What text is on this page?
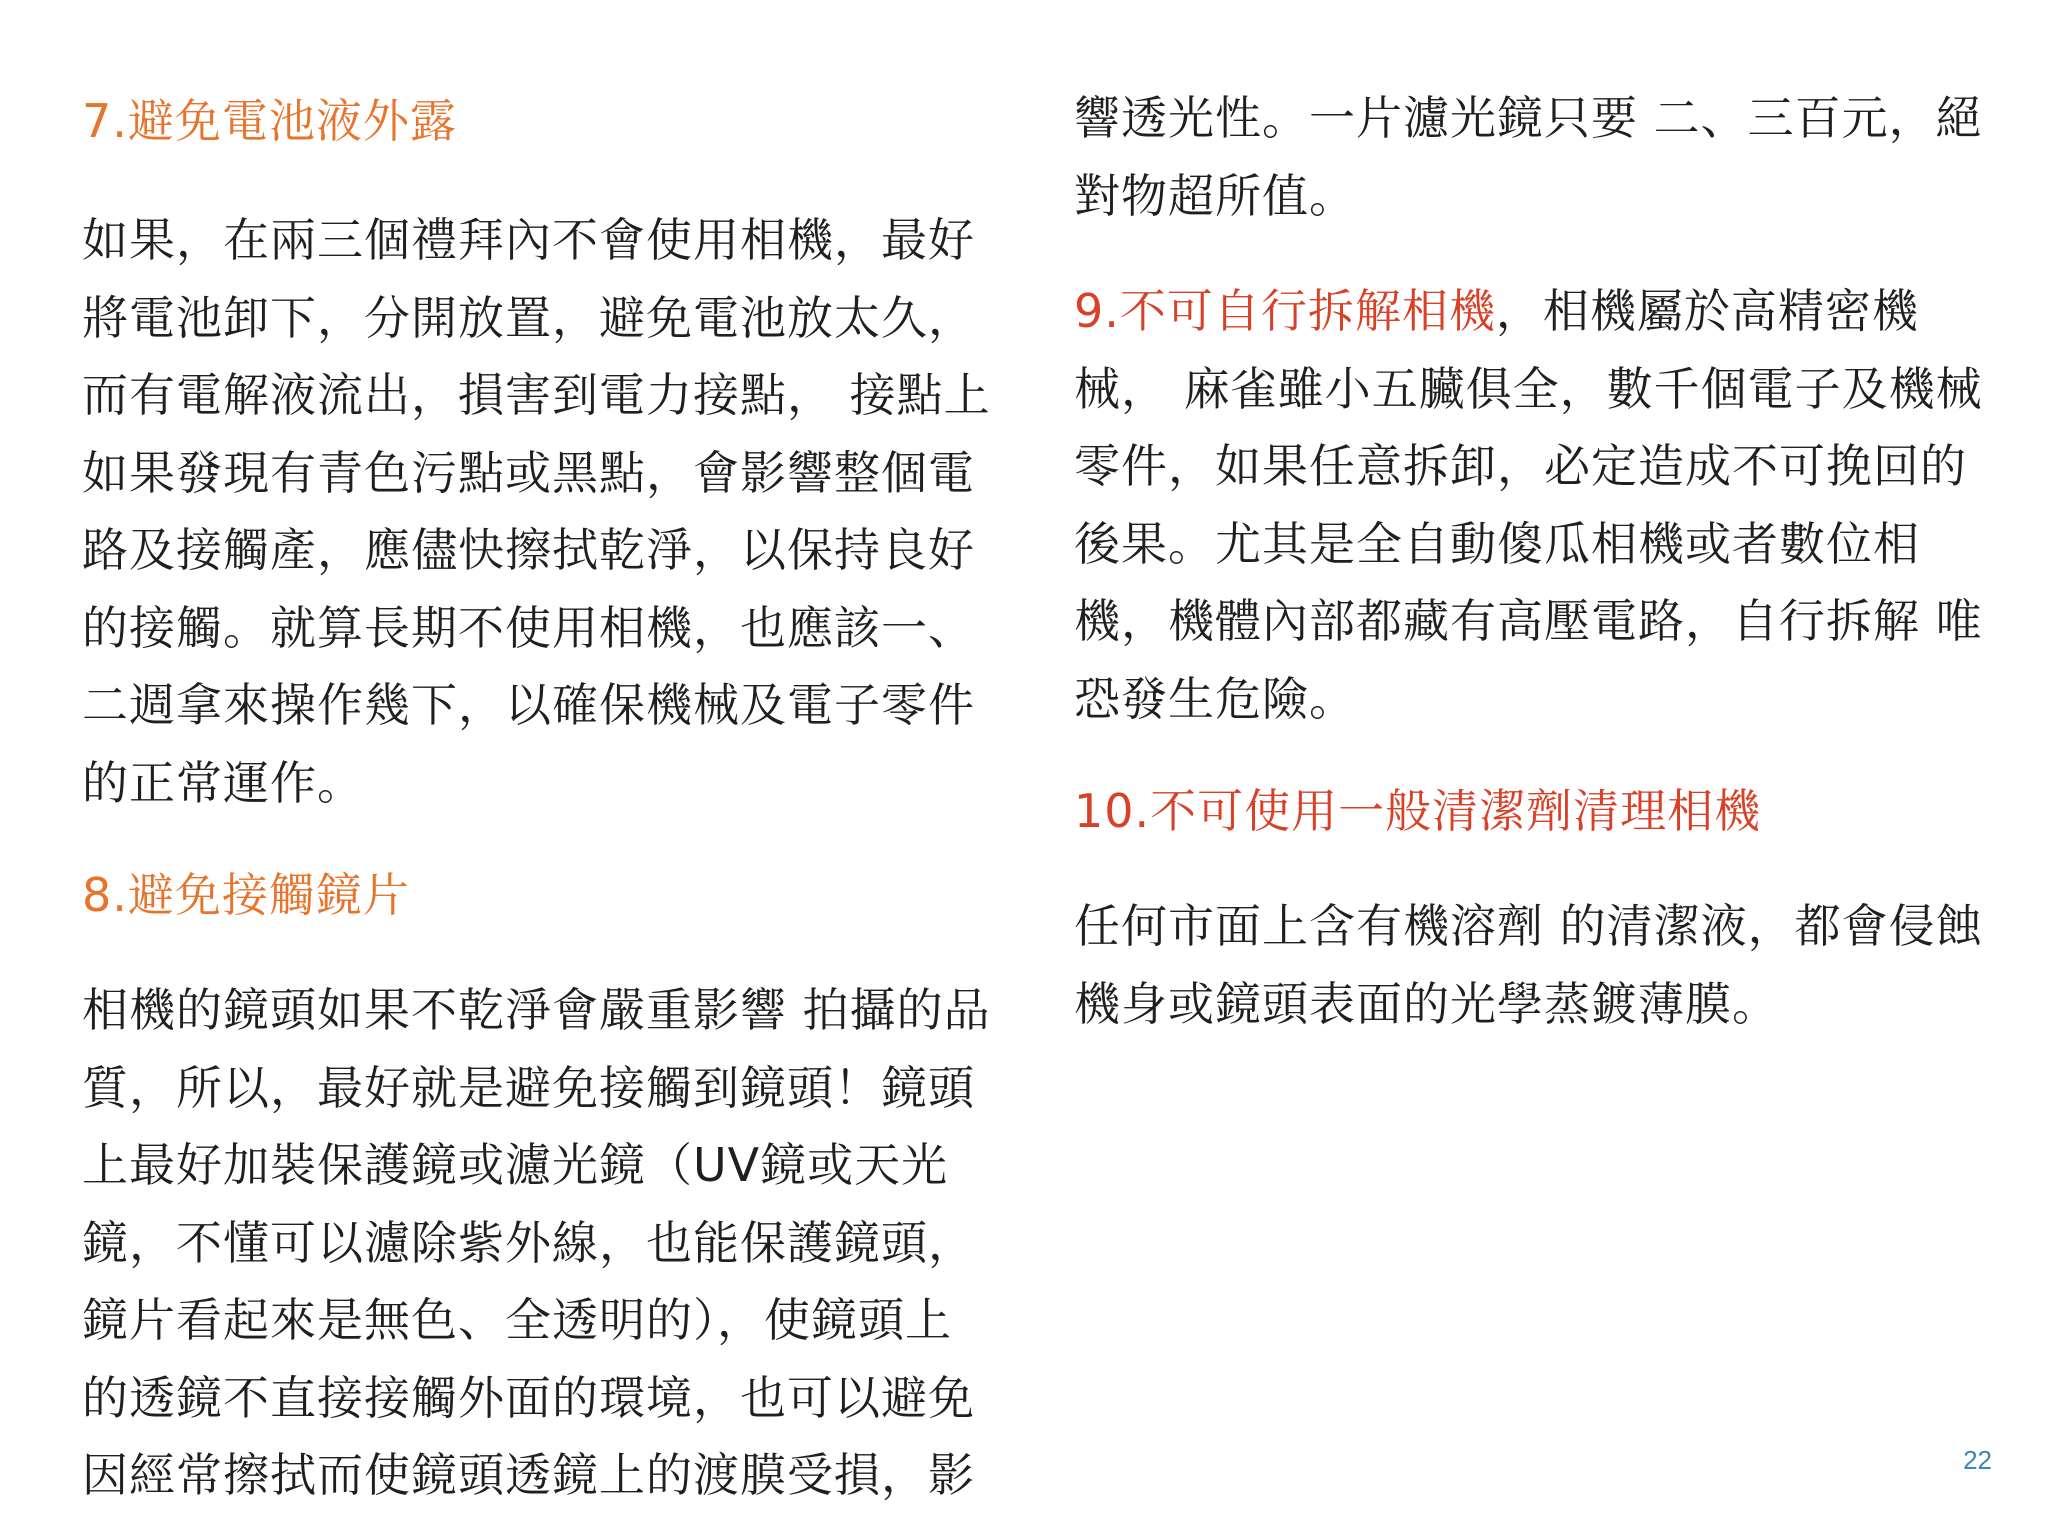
7.避免電池液外露

如果，在兩三個禮拜內不會使用相機，最好
將電池卸下，分開放置，避免電池放太久，
而有電解液流出，損害到電力接點， 接點上
如果發現有青色污點或黑點，會影響整個電
路及接觸產，應儘快擦拭乾淨，以保持良好
的接觸。就算長期不使用相機，也應該一、
二週拿來操作幾下，以確保機械及電子零件
的正常運作。

8.避免接觸鏡片

相機的鏡頭如果不乾淨會嚴重影響 拍攝的品
質，所以，最好就是避免接觸到鏡頭！鏡頭
上最好加裝保護鏡或濾光鏡（UV鏡或天光
鏡，不懂可以濾除紫外線，也能保護鏡頭，
鏡片看起來是無色、全透明的），使鏡頭上
的透鏡不直接接觸外面的環境，也可以避免
因經常擦拭而使鏡頭透鏡上的渡膜受損，影

響透光性。一片濾光鏡只要 二、三百元，絕
對物超所值。

9.不可自行拆解相機，相機屬於高精密機
械， 麻雀雖小五臟俱全，數千個電子及機械
零件，如果任意拆卸，必定造成不可挽回的
後果。尤其是全自動傻瓜相機或者數位相
機，機體內部都藏有高壓電路，自行拆解 唯
恐發生危險。

10.不可使用一般清潔劑清理相機

任何市面上含有機溶劑 的清潔液，都會侵蝕
機身或鏡頭表面的光學蒸鍍薄膜。

22
